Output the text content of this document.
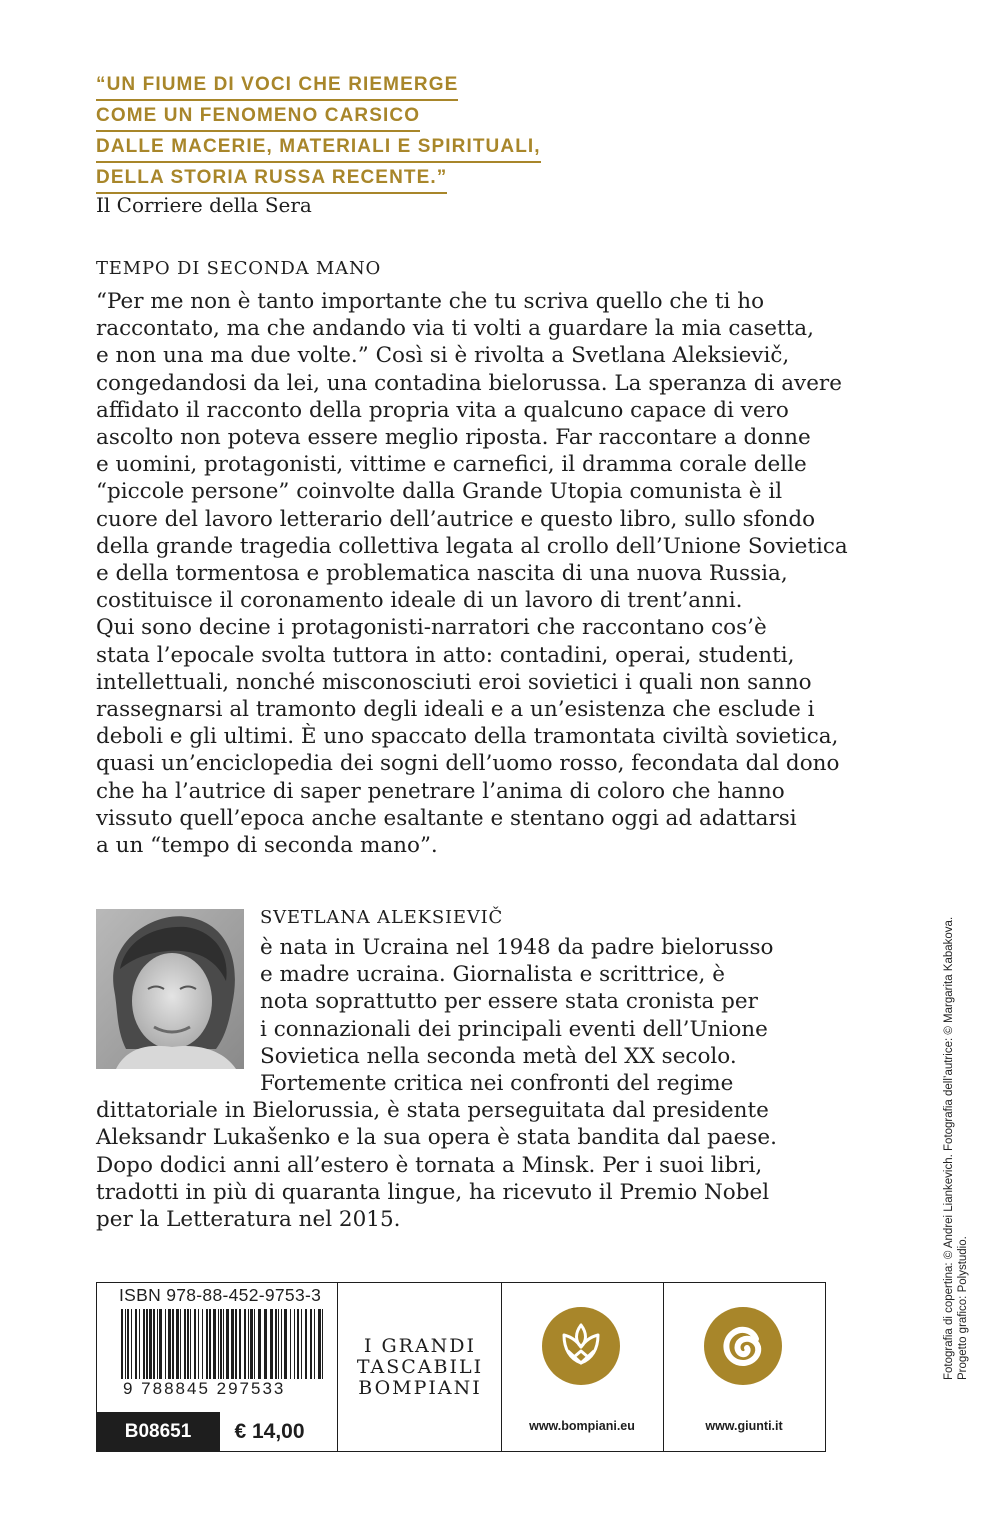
“UN FIUME DI VOCI CHE RIEMERGE
COME UN FENOMENO CARSICO
DALLE MACERIE, MATERIALI E SPIRITUALI,
DELLA STORIA RUSSA RECENTE.”
Il Corriere della Sera
TEMPO DI SECONDA MANO
“Per me non è tanto importante che tu scriva quello che ti ho
raccontato, ma che andando via ti volti a guardare la mia casetta,
e non una ma due volte.” Così si è rivolta a Svetlana Aleksievič,
congedandosi da lei, una contadina bielorussa. La speranza di avere
affidato il racconto della propria vita a qualcuno capace di vero
ascolto non poteva essere meglio riposta. Far raccontare a donne
e uomini, protagonisti, vittime e carnefici, il dramma corale delle
“piccole persone” coinvolte dalla Grande Utopia comunista è il
cuore del lavoro letterario dell’autrice e questo libro, sullo sfondo
della grande tragedia collettiva legata al crollo dell’Unione Sovietica
e della tormentosa e problematica nascita di una nuova Russia,
costituisce il coronamento ideale di un lavoro di trent’anni.
Qui sono decine i protagonisti-narratori che raccontano cos’è
stata l’epocale svolta tuttora in atto: contadini, operai, studenti,
intellettuali, nonché misconosciuti eroi sovietici i quali non sanno
rassegnarsi al tramonto degli ideali e a un’esistenza che esclude i
deboli e gli ultimi. È uno spaccato della tramontata civiltà sovietica,
quasi un’enciclopedia dei sogni dell’uomo rosso, fecondata dal dono
che ha l’autrice di saper penetrare l’anima di coloro che hanno
vissuto quell’epoca anche esaltante e stentano oggi ad adattarsi
a un “tempo di seconda mano”.
SVETLANA ALEKSIEVIČ
è nata in Ucraina nel 1948 da padre bielorusso
e madre ucraina. Giornalista e scrittrice, è
nota soprattutto per essere stata cronista per
i connazionali dei principali eventi dell’Unione
Sovietica nella seconda metà del XX secolo.
Fortemente critica nei confronti del regime
dittatoriale in Bielorussia, è stata perseguitata dal presidente
Aleksandr Lukašenko e la sua opera è stata bandita dal paese.
Dopo dodici anni all’estero è tornata a Minsk. Per i suoi libri,
tradotti in più di quaranta lingue, ha ricevuto il Premio Nobel
per la Letteratura nel 2015.	Fotografia di copertina: © Andrei Liankevich. Fotografia dell’autrice: © Margarita Kabakova. Progetto grafico: Polystudio.
ISBN 978-88-452-9753-3
9 788845 297533
B08651	€ 14,00
I GRANDI
TASCABILI
BOMPIANI
www.bompiani.eu	www.giunti.it
